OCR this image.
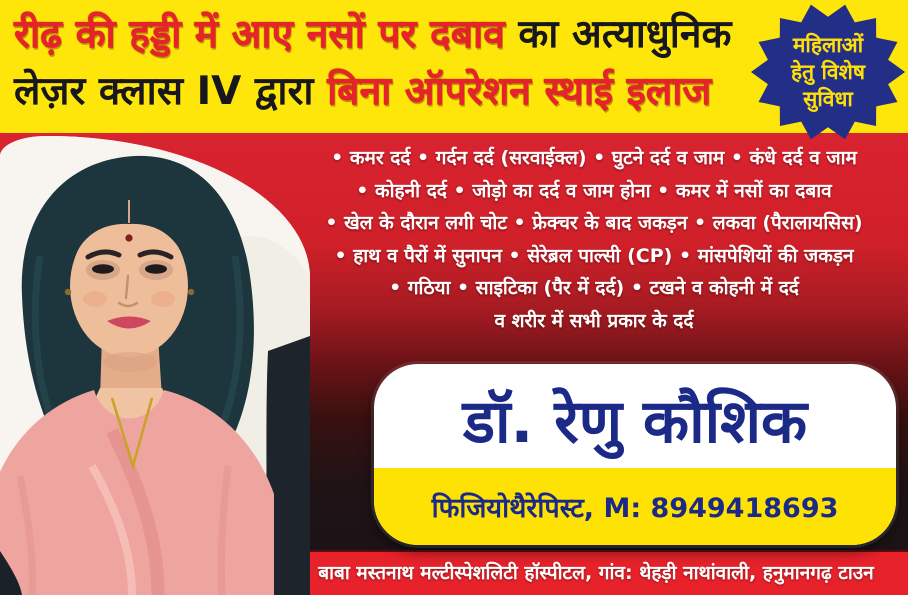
रीढ़ की हड्डी में आए नसों पर दबाव का अत्याधुनिक
लेज़र क्लास IV द्वारा बिना ऑपरेशन स्थाई इलाज
महिलाओं
हेतु विशेष
सुविधा
• कमर दर्द • गर्दन दर्द (सरवाईक्ल) • घुटने दर्द व जाम • कंधे दर्द व जाम
• कोहनी दर्द • जोड़ो का दर्द व जाम होना • कमर में नसों का दबाव
• खेल के दौरान लगी चोट • फ्रेक्चर के बाद जकड़न • लकवा (पैरालायसिस)
• हाथ व पैरों में सुनापन • सेरेब्रल पाल्सी (CP) • मांसपेशियों की जकड़न
• गठिया • साइटिका (पैर में दर्द) • टखने व कोहनी में दर्द
व शरीर में सभी प्रकार के दर्द
डॉ. रेणु कौशिक
फिजियोथैरेपिस्ट, M: 8949418693
बाबा मस्तनाथ मल्टीस्पेशलिटी हॉस्पीटल, गांव: थेहड़ी नाथांवाली, हनुमानगढ़ टाउन
